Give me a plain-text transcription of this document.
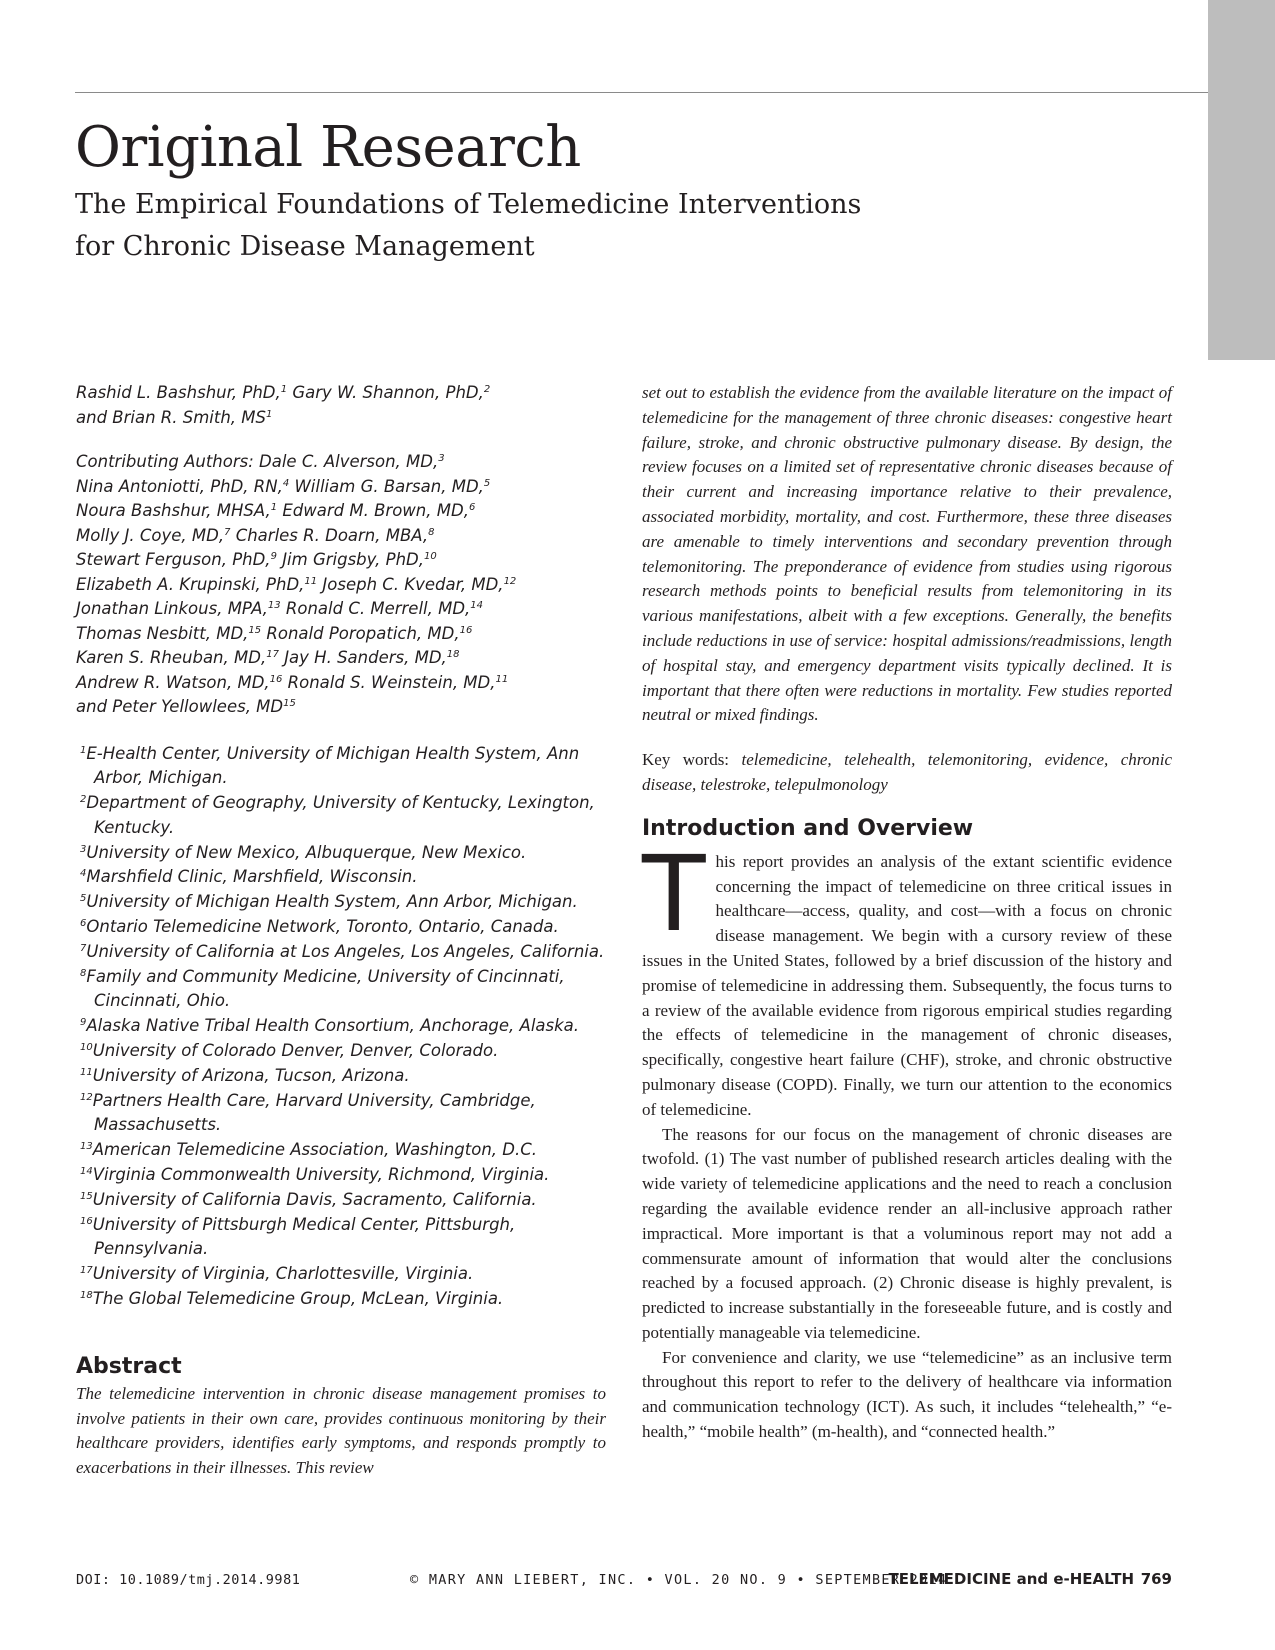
Original Research
The Empirical Foundations of Telemedicine Interventions
for Chronic Disease Management
Rashid L. Bashshur, PhD,$^1$ Gary W. Shannon, PhD,$^2$
and Brian R. Smith, $MS^1$
Contributing Authors: Dale C. Alverson, MD,$^3$
Nina Antoniotti, PhD, RN,$^4$ William G. Barsan, MD,$^5$
Noura Bashshur, MHSA,$^1$ Edward M. Brown, MD,$^6$
Molly J. Coye, MD,$^7$ Charles R. Doarn, MBA,$^8$
Stewart Ferguson, PhD,$^9$ Jim Grigsby, PhD,$^{10}$
Elizabeth A. Krupinski, PhD,$^{11}$ Joseph C. Kvedar, MD,$^{12}$
Jonathan Linkous, MPA,$^{13}$ Ronald C. Merrell, MD,$^{14}$
Thomas Nesbitt, MD,$^{15}$ Ronald Poropatich, MD,$^{16}$
Karen S. Rheuban, MD,$^{17}$ Jay H. Sanders, MD,$^{18}$
Andrew R. Watson, MD,$^{16}$ Ronald S. Weinstein, MD,$^{11}$
and Peter Yellowlees, MD$^{15}$
$^1$E-Health Center, University of Michigan Health System, Ann Arbor, Michigan.
$^2$Department of Geography, University of Kentucky, Lexington, Kentucky.
$^3$University of New Mexico, Albuquerque, New Mexico.
$^4$Marshfield Clinic, Marshfield, Wisconsin.
$^5$University of Michigan Health System, Ann Arbor, Michigan.
$^6$Ontario Telemedicine Network, Toronto, Ontario, Canada.
$^7$University of California at Los Angeles, Los Angeles, California.
$^8$Family and Community Medicine, University of Cincinnati, Cincinnati, Ohio.
$^9$Alaska Native Tribal Health Consortium, Anchorage, Alaska.
$^{10}$University of Colorado Denver, Denver, Colorado.
$^{11}$University of Arizona, Tucson, Arizona.
$^{12}$Partners Health Care, Harvard University, Cambridge, Massachusetts.
$^{13}$American Telemedicine Association, Washington, D.C.
$^{14}$Virginia Commonwealth University, Richmond, Virginia.
$^{15}$University of California Davis, Sacramento, California.
$^{16}$University of Pittsburgh Medical Center, Pittsburgh, Pennsylvania.
$^{17}$University of Virginia, Charlottesville, Virginia.
$^{18}$The Global Telemedicine Group, McLean, Virginia.
Abstract

The telemedicine intervention in chronic disease management promises to involve patients in their own care, provides continuous monitoring by their healthcare providers, identifies early symptoms, and responds promptly to exacerbations in their illnesses. This review

set out to establish the evidence from the available literature on the impact of telemedicine for the management of three chronic diseases: congestive heart failure, stroke, and chronic obstructive pulmonary disease. By design, the review focuses on a limited set of representative chronic diseases because of their current and increasing importance relative to their prevalence, associated morbidity, mortality, and cost. Furthermore, these three diseases are amenable to timely interventions and secondary prevention through telemonitoring. The preponderance of evidence from studies using rigorous research methods points to beneficial results from telemonitoring in its various manifestations, albeit with a few exceptions. Generally, the benefits include reductions in use of service: hospital admissions/readmissions, length of hospital stay, and emergency department visits typically declined. It is important that there often were reductions in mortality. Few studies reported neutral or mixed findings.

Key words: telemedicine, telehealth, telemonitoring, evidence, chronic disease, telestroke, telepulmonology

Introduction and Overview

This report provides an analysis of the extant scientific evidence concerning the impact of telemedicine on three critical issues in healthcare—access, quality, and cost—with a focus on chronic disease management. We begin with a cursory review of these issues in the United States, followed by a brief discussion of the history and promise of telemedicine in addressing them. Subsequently, the focus turns to a review of the available evidence from rigorous empirical studies regarding the effects of telemedicine in the management of chronic diseases, specifically, congestive heart failure (CHF), stroke, and chronic obstructive pulmonary disease (COPD). Finally, we turn our attention to the economics of telemedicine.

The reasons for our focus on the management of chronic diseases are twofold. (1) The vast number of published research articles dealing with the wide variety of telemedicine applications and the need to reach a conclusion regarding the available evidence render an all-inclusive approach rather impractical. More important is that a voluminous report may not add a commensurate amount of information that would alter the conclusions reached by a focused approach. (2) Chronic disease is highly prevalent, is predicted to increase substantially in the foreseeable future, and is costly and potentially manageable via telemedicine.

For convenience and clarity, we use “telemedicine” as an inclusive term throughout this report to refer to the delivery of healthcare via information and communication technology (ICT). As such, it includes “telehealth,” “e-health,” “mobile health” (m-health), and “connected health.”

DOI: 10.1089/tmj.2014.9981	© MARY ANN LIEBERT, INC. • VOL. 20 NO. 9 • SEPTEMBER 2014
TELEMEDICINE and e-HEALTH 769
